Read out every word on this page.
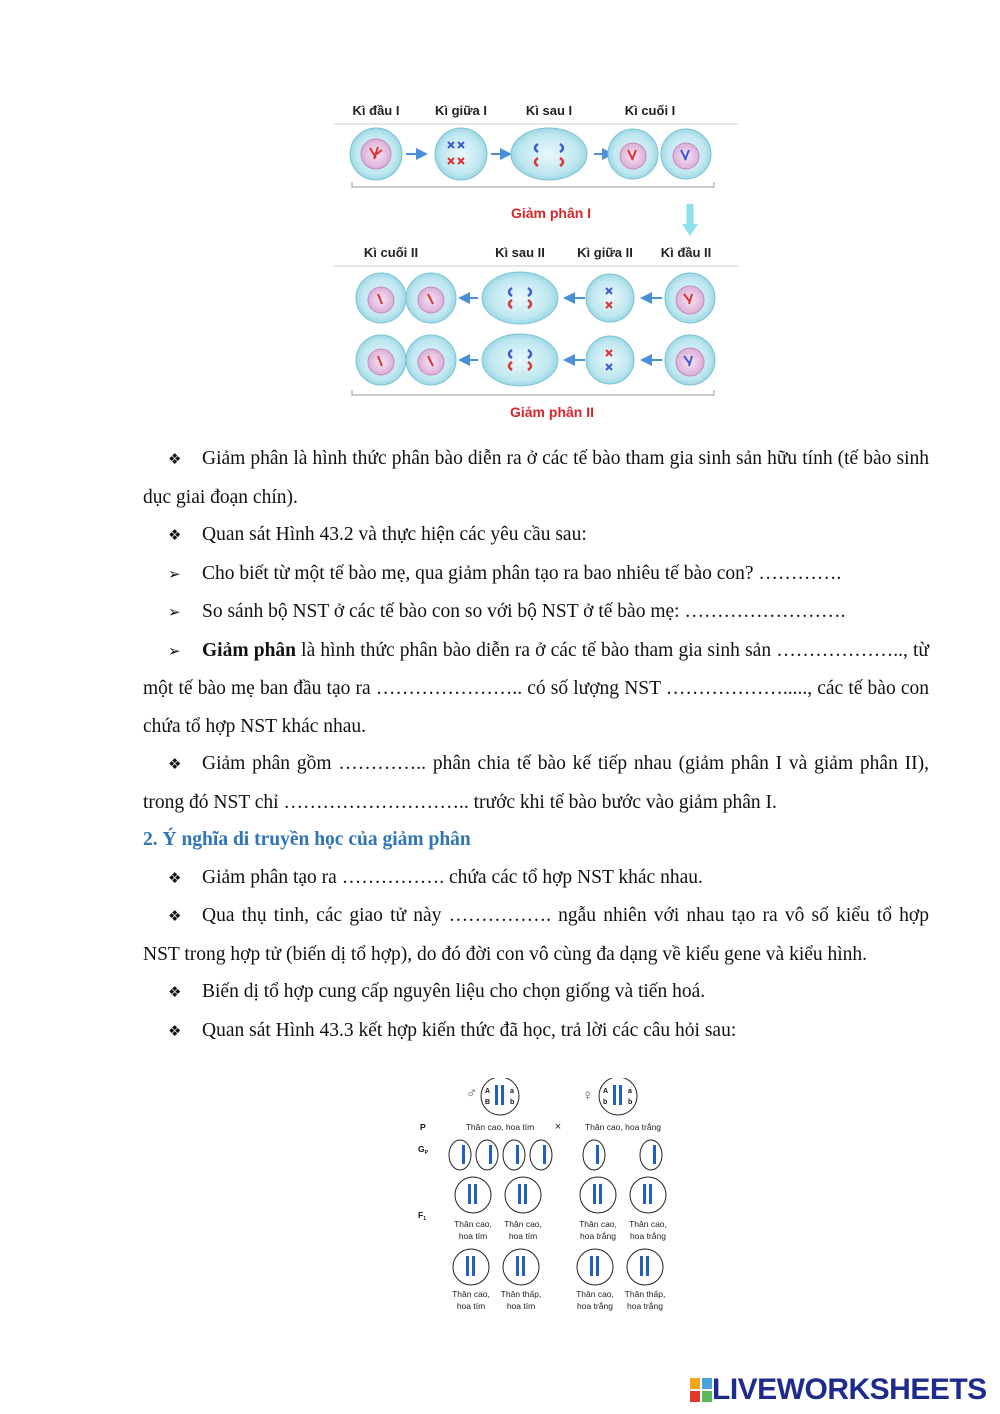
Kì đầu I	Kì giữa I	Kì sau I	Kì cuối I
Giảm phân I
Kì cuối II	Kì sau II Kì giữa II Kì đầu II
Giảm phân II

❖ Giảm phân là hình thức phân bào diễn ra ở các tế bào tham gia sinh sản hữu tính (tế bào sinh dục giai đoạn chín).

❖ Quan sát Hình 43.2 và thực hiện các yêu cầu sau:

➢ Cho biết từ một tế bào mẹ, qua giảm phân tạo ra bao nhiêu tế bào con? ………….

➢ So sánh bộ NST ở các tế bào con so với bộ NST ở tế bào mẹ: …………………….

➢ Giảm phân là hình thức phân bào diễn ra ở các tế bào tham gia sinh sản ……………….., từ một tế bào mẹ ban đầu tạo ra ………………….. có số lượng NST ………………....., các tế bào con chứa tổ hợp NST khác nhau.

❖ Giảm phân gồm ………….. phân chia tế bào kế tiếp nhau (giảm phân I và giảm phân II), trong đó NST chỉ ……………………….. trước khi tế bào bước vào giảm phân I.

2. Ý nghĩa di truyền học của giảm phân

❖ Giảm phân tạo ra ……………. chứa các tổ hợp NST khác nhau.

❖ Qua thụ tinh, các giao tử này ……………. ngẫu nhiên với nhau tạo ra vô số kiểu tổ hợp NST trong hợp tử (biến dị tổ hợp), do đó đời con vô cùng đa dạng về kiểu gene và kiểu hình.

❖ Biến dị tổ hợp cung cấp nguyên liệu cho chọn giống và tiến hoá.

❖ Quan sát Hình 43.3 kết hợp kiến thức đã học, trả lời các câu hỏi sau:

♂ A
B
a
b	♀ A
b
a
b
P	Thân cao, hoa tím ×	Thân cao, hoa trắng
$G_P$
$F_1$	Thân cao, hoa tím
Thân cao, hoa tím
Thân cao, hoa trắng
Thân cao, hoa trắng
Thân cao, hoa tím
Thân thấp, hoa tím
Thân cao, hoa trắng
Thân thấp, hoa trắng
LIVEWORKSHEETS
